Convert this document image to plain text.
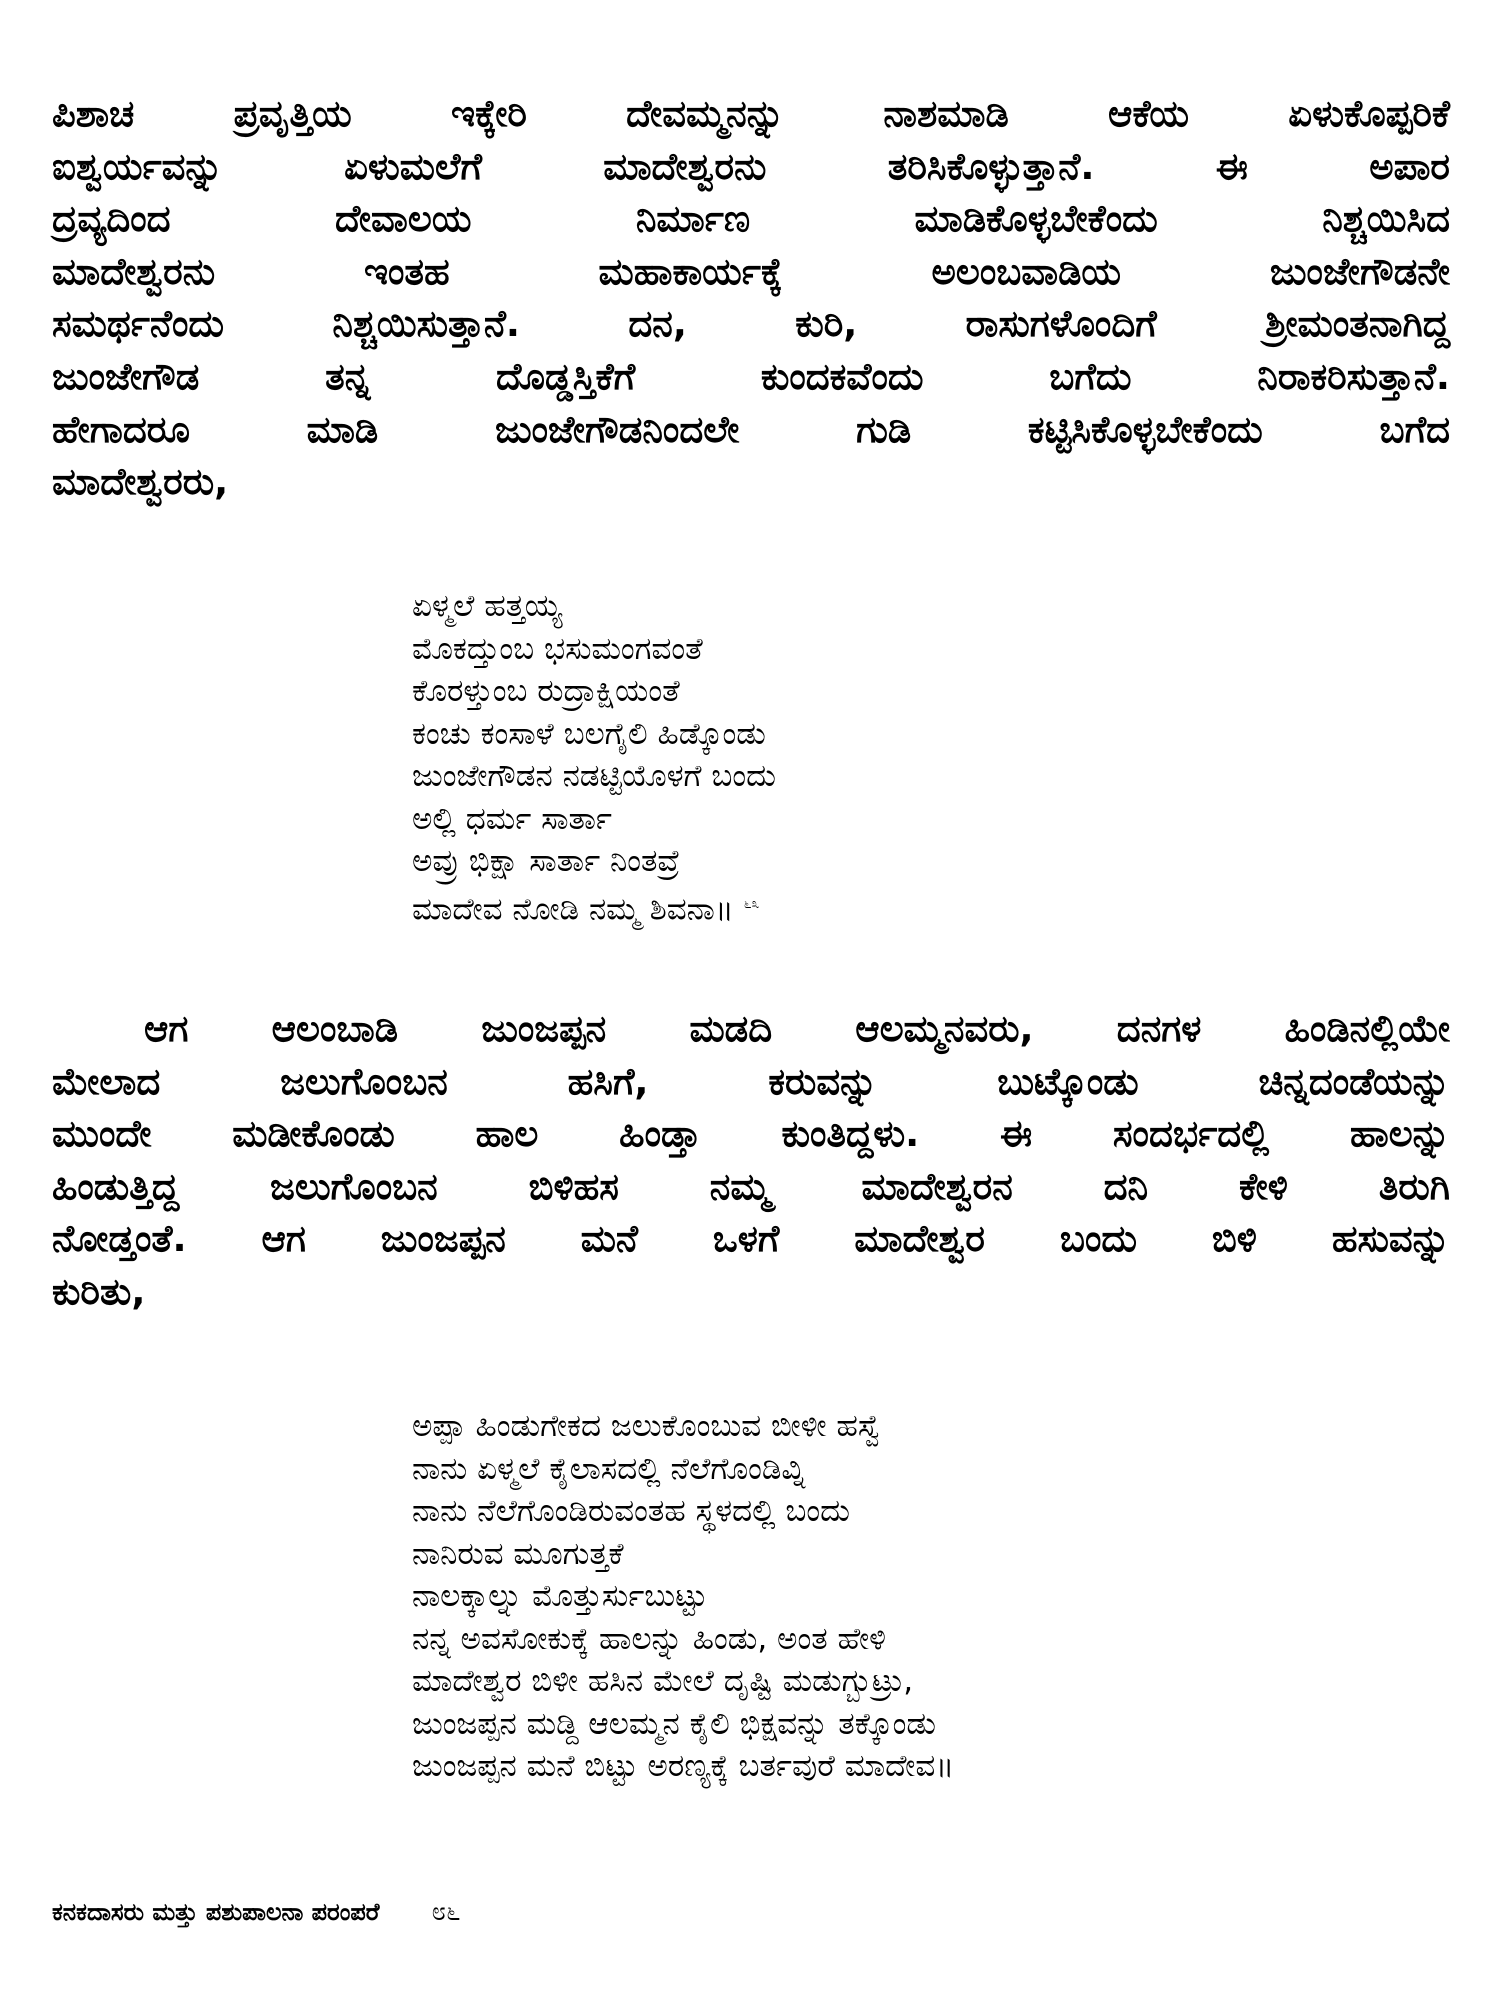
ಪಿಶಾಚ ಪ್ರವೃತ್ತಿಯ ಇಕ್ಕೇರಿ ದೇವಮ್ಮನನ್ನು ನಾಶಮಾಡಿ ಆಕೆಯ ಏಳುಕೊಪ್ಪರಿಕೆ
ಐಶ್ವರ್ಯವನ್ನು ಏಳುಮಲೆಗೆ ಮಾದೇಶ್ವರನು ತರಿಸಿಕೊಳ್ಳುತ್ತಾನೆ. ಈ ಅಪಾರ
ದ್ರವ್ಯದಿಂದ ದೇವಾಲಯ ನಿರ್ಮಾಣ ಮಾಡಿಕೊಳ್ಳಬೇಕೆಂದು ನಿಶ್ಚಯಿಸಿದ
ಮಾದೇಶ್ವರನು ಇಂತಹ ಮಹಾಕಾರ್ಯಕ್ಕೆ ಅಲಂಬವಾಡಿಯ ಜುಂಜೇಗೌಡನೇ
ಸಮರ್ಥನೆಂದು ನಿಶ್ಚಯಿಸುತ್ತಾನೆ. ದನ, ಕುರಿ, ರಾಸುಗಳೊಂದಿಗೆ ಶ್ರೀಮಂತನಾಗಿದ್ದ
ಜುಂಜೇಗೌಡ ತನ್ನ ದೊಡ್ಡಸ್ತಿಕೆಗೆ ಕುಂದಕವೆಂದು ಬಗೆದು ನಿರಾಕರಿಸುತ್ತಾನೆ.
ಹೇಗಾದರೂ ಮಾಡಿ ಜುಂಜೇಗೌಡನಿಂದಲೇ ಗುಡಿ ಕಟ್ಟಿಸಿಕೊಳ್ಳಬೇಕೆಂದು ಬಗೆದ
ಮಾದೇಶ್ವರರು,
ಏಳ್ಮಲೆ ಹತ್ತಯ್ಯ
ಮೊಕದ್ತುಂಬ ಭಸುಮಂಗವಂತೆ
ಕೊರಳ್ತುಂಬ ರುದ್ರಾಕ್ಷಿಯಂತೆ
ಕಂಚು ಕಂಸಾಳೆ ಬಲಗೈಲಿ ಹಿಡ್ಕೊಂಡು
ಜುಂಜೇಗೌಡನ ನಡಟ್ಟಿಯೊಳಗೆ ಬಂದು
ಅಲ್ಲಿ ಧರ್ಮ ಸಾರ್ತಾ
ಅವ್ರು ಭಿಕ್ಷಾ ಸಾರ್ತಾ ನಿಂತವ್ರೆ
ಮಾದೇವ ನೋಡಿ ನಮ್ಮ ಶಿವನಾ॥ $^{೬೩}$
ಆಗ ಆಲಂಬಾಡಿ ಜುಂಜಪ್ಪನ ಮಡದಿ ಆಲಮ್ಮನವರು, ದನಗಳ ಹಿಂಡಿನಲ್ಲಿಯೇ
ಮೇಲಾದ ಜಲುಗೊಂಬನ ಹಸಿಗೆ, ಕರುವನ್ನು ಬುಟ್ಕೊಂಡು ಚಿನ್ನದಂಡೆಯನ್ನು
ಮುಂದೇ ಮಡೀಕೊಂಡು ಹಾಲ ಹಿಂಡ್ತಾ ಕುಂತಿದ್ದಳು. ಈ ಸಂದರ್ಭದಲ್ಲಿ ಹಾಲನ್ನು
ಹಿಂಡುತ್ತಿದ್ದ ಜಲುಗೊಂಬನ ಬಿಳಿಹಸ ನಮ್ಮ ಮಾದೇಶ್ವರನ ದನಿ ಕೇಳಿ ತಿರುಗಿ
ನೋಡ್ತಂತೆ. ಆಗ ಜುಂಜಪ್ಪನ ಮನೆ ಒಳಗೆ ಮಾದೇಶ್ವರ ಬಂದು ಬಿಳಿ ಹಸುವನ್ನು
ಕುರಿತು,
ಅಪ್ಪಾ ಹಿಂಡುಗೇಕದ ಜಲುಕೊಂಬುವ ಬೀಳೀ ಹಸ್ವೆ
ನಾನು ಏಳ್ಮಲೆ ಕೈಲಾಸದಲ್ಲಿ ನೆಲೆಗೊಂಡಿವ್ನಿ
ನಾನು ನೆಲೆಗೊಂಡಿರುವಂತಹ ಸ್ಥಳದಲ್ಲಿ ಬಂದು
ನಾನಿರುವ ಮೂಗುತ್ತಕೆ
ನಾಲಕ್ಕಾಲ್ನು ಮೊತ್ತುರ್ಸುಬುಟ್ಟು
ನನ್ನ ಅವಸೋಕುಕ್ಕೆ ಹಾಲನ್ನು ಹಿಂಡು, ಅಂತ ಹೇಳಿ
ಮಾದೇಶ್ವರ ಬಿಳೀ ಹಸಿನ ಮೇಲೆ ದೃಷ್ಟಿ ಮಡುಗ್ಬುಟ್ರು,
ಜುಂಜಪ್ಪನ ಮಡ್ದಿ ಆಲಮ್ಮನ ಕೈಲಿ ಭಿಕ್ಷವನ್ನು ತಕ್ಕೊಂಡು
ಜುಂಜಪ್ಪನ ಮನೆ ಬಿಟ್ಟು ಅರಣ್ಯಕ್ಕೆ ಬರ್ತವುರೆ ಮಾದೇವ॥
ಕನಕದಾಸರು ಮತ್ತು ಪಶುಪಾಲನಾ ಪರಂಪರೆ ೮೬
